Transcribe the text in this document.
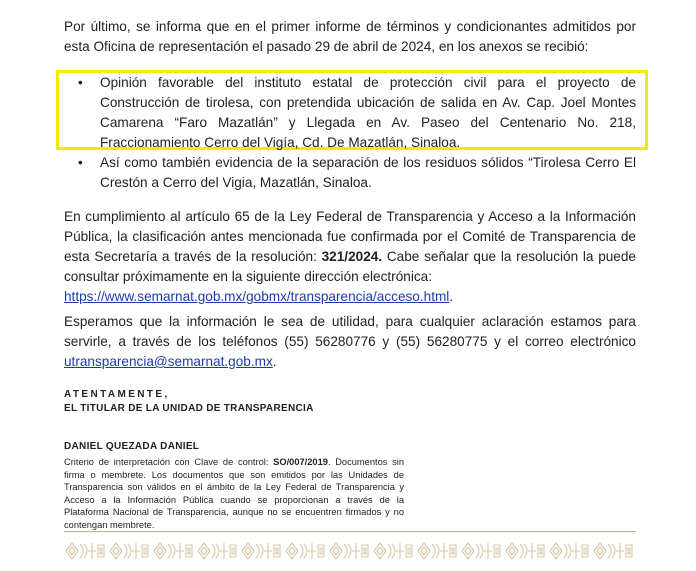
Por último, se informa que en el primer informe de términos y condicionantes admitidos por
esta Oficina de representación el pasado 29 de abril de 2024, en los anexos se recibió:
•	Opinión favorable del instituto estatal de protección civil para el proyecto de
Construcción de tirolesa, con pretendida ubicación de salida en Av. Cap. Joel Montes
Camarena “Faro Mazatlán” y Llegada en Av. Paseo del Centenario No. 218,
Fraccionamiento Cerro del Vigía, Cd. De Mazatlán, Sinaloa.
•	Así como también evidencia de la separación de los residuos sólidos “Tirolesa Cerro El
Crestón a Cerro del Vigia, Mazatlán, Sinaloa.
En cumplimiento al artículo 65 de la Ley Federal de Transparencia y Acceso a la Información
Pública, la clasificación antes mencionada fue confirmada por el Comité de Transparencia de
esta Secretaría a través de la resolución: 321/2024. Cabe señalar que la resolución la puede
consultar próximamente en la siguiente dirección electrónica:
https://www.semarnat.gob.mx/gobmx/transparencia/acceso.html.
Esperamos que la información le sea de utilidad, para cualquier aclaración estamos para
servirle, a través de los teléfonos (55) 56280776 y (55) 56280775 y el correo electrónico
utransparencia@semarnat.gob.mx.
ATENTAMENTE,
EL TITULAR DE LA UNIDAD DE TRANSPARENCIA
DANIEL QUEZADA DANIEL
Criterio de interpretación con Clave de control: SO/007/2019. Documentos sin
firma o membrete. Los documentos que son emitidos por las Unidades de
Transparencia son válidos en el ámbito de la Ley Federal de Transparencia y
Acceso a la Información Pública cuando se proporcionan a través de la
Plataforma Nacional de Transparencia, aunque no se encuentren firmados y no
contengan membrete.
